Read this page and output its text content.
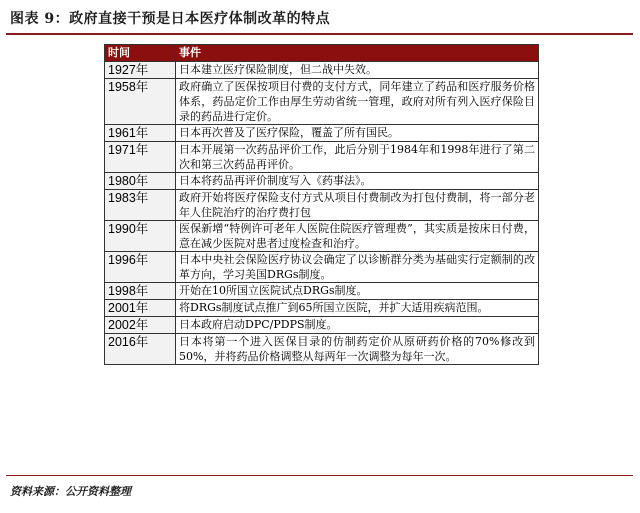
图表 9：政府直接干预是日本医疗体制改革的特点
时间	事件
1927年	日本建立医疗保险制度，但二战中失效。
1958年	政府确立了医保按项目付费的支付方式，同年建立了药品和医疗服务价格体系，药品定价工作由厚生劳动省统一管理，政府对所有列入医疗保险目录的药品进行定价。
1961年	日本再次普及了医疗保险，覆盖了所有国民。
1971年	日本开展第一次药品评价工作，此后分别于1984年和1998年进行了第二次和第三次药品再评价。
1980年	日本将药品再评价制度写入《药事法》。
1983年	政府开始将医疗保险支付方式从项目付费制改为打包付费制，将一部分老年人住院治疗的治疗费打包
1990年	医保新增“特例许可老年人医院住院医疗管理费”，其实质是按床日付费，意在减少医院对患者过度检查和治疗。
1996年	日本中央社会保险医疗协议会确定了以诊断群分类为基础实行定额制的改革方向，学习美国DRGs制度。
1998年	开始在10所国立医院试点DRGs制度。
2001年	将DRGs制度试点推广到65所国立医院，并扩大适用疾病范围。
2002年	日本政府启动DPC/PDPS制度。
2016年	日本将第一个进入医保目录的仿制药定价从原研药价格的70%修改到50%，并将药品价格调整从每两年一次调整为每年一次。
资料来源：公开资料整理
